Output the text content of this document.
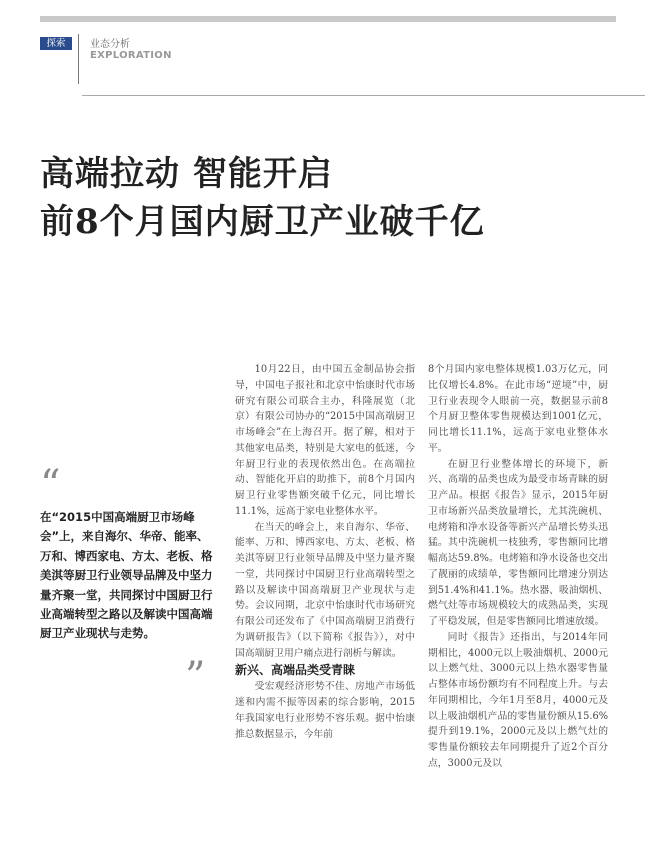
探索	业态分析
EXPLORATION
高端拉动 智能开启
前8个月国内厨卫产业破千亿
“
在“2015中国高端厨卫市场峰会”上，来自海尔、华帝、能率、万和、博西家电、方太、老板、格美淇等厨卫行业领导品牌及中坚力量齐聚一堂，共同探讨中国厨卫行业高端转型之路以及解读中国高端厨卫产业现状与走势。
”

10月22日，由中国五金制品协会指导，中国电子报社和北京中怡康时代市场研究有限公司联合主办，科隆展览（北京）有限公司协办的“2015中国高端厨卫市场峰会”在上海召开。据了解，相对于其他家电品类，特别是大家电的低迷，今年厨卫行业的表现依然出色。在高端拉动、智能化开启的助推下，前8个月国内厨卫行业零售额突破千亿元，同比增长11.1%，远高于家电业整体水平。

在当天的峰会上，来自海尔、华帝、能率、万和、博西家电、方太、老板、格美淇等厨卫行业领导品牌及中坚力量齐聚一堂，共同探讨中国厨卫行业高端转型之路以及解读中国高端厨卫产业现状与走势。会议同期，北京中怡康时代市场研究有限公司还发布了《中国高端厨卫消费行为调研报告》（以下简称《报告》），对中国高端厨卫用户痛点进行剖析与解读。

新兴、高端品类受青睐

受宏观经济形势不佳、房地产市场低迷和内需不振等因素的综合影响，2015年我国家电行业形势不容乐观。据中怡康推总数据显示，今年前

8个月国内家电整体规模1.03万亿元，同比仅增长4.8%。在此市场“逆境”中，厨卫行业表现令人眼前一亮，数据显示前8个月厨卫整体零售规模达到1001亿元，同比增长11.1%，远高于家电业整体水平。

在厨卫行业整体增长的环境下，新兴、高端的品类也成为最受市场青睐的厨卫产品。根据《报告》显示，2015年厨卫市场新兴品类放量增长，尤其洗碗机、电烤箱和净水设备等新兴产品增长势头迅猛。其中洗碗机一枝独秀，零售额同比增幅高达59.8%。电烤箱和净水设备也交出了靓丽的成绩单，零售额同比增速分别达到51.4%和41.1%。热水器、吸油烟机、燃气灶等市场规模较大的成熟品类，实现了平稳发展，但是零售额同比增速放缓。

同时《报告》还指出，与2014年同期相比，4000元以上吸油烟机、2000元以上燃气灶、3000元以上热水器零售量占整体市场份额均有不同程度上升。与去年同期相比，今年1月至8月，4000元及以上吸油烟机产品的零售量份额从15.6%提升到19.1%，2000元及以上燃气灶的零售量份额较去年同期提升了近2个百分点，3000元及以
